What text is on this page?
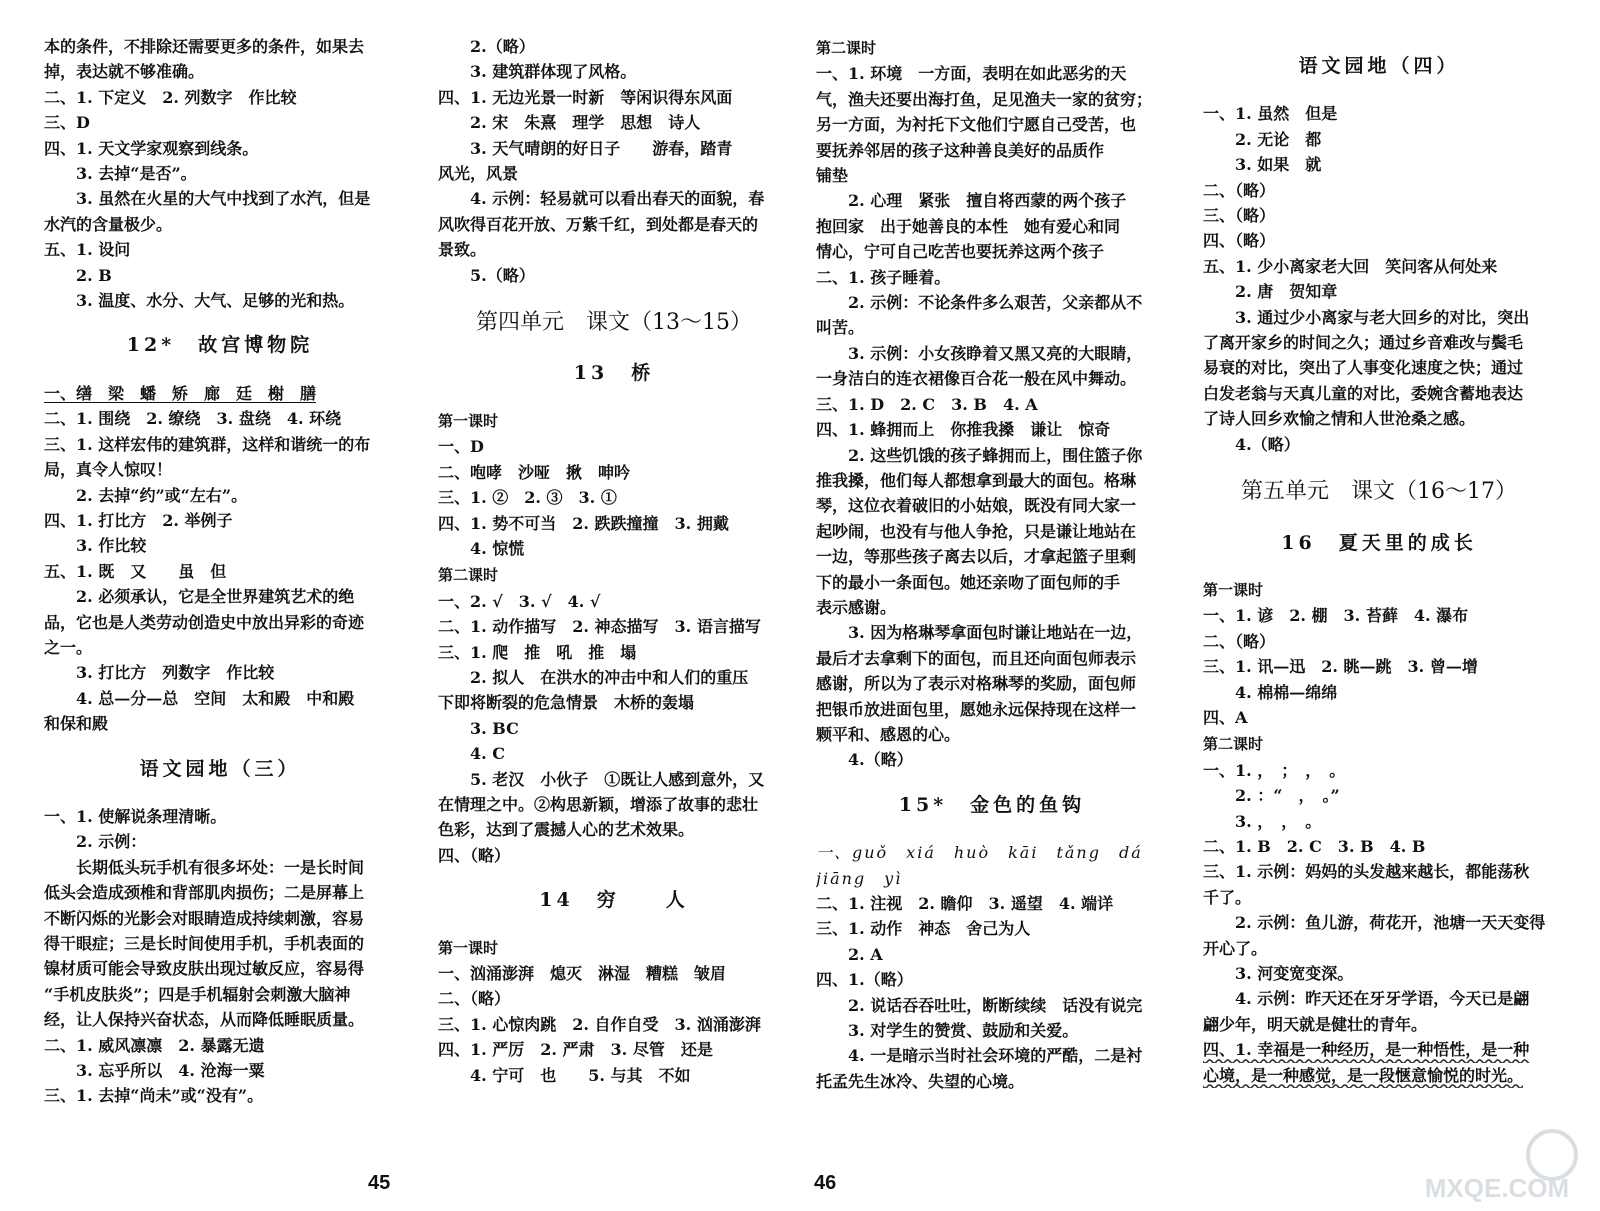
本的条件，不排除还需要更多的条件，如果去
掉，表达就不够准确。
二、1. 下定义　2. 列数字　作比较
三、D
四、1. 天文学家观察到线条。
3. 去掉“是否”。
3. 虽然在火星的大气中找到了水汽，但是
水汽的含量极少。
五、1. 设问
2. B
3. 温度、水分、大气、足够的光和热。
12*　故宫博物院
一、缮　梁　蟠　矫　廊　廷　榭　膳
二、1. 围绕　2. 缭绕　3. 盘绕　4. 环绕
三、1. 这样宏伟的建筑群，这样和谐统一的布
局，真令人惊叹！
2. 去掉“约”或“左右”。
四、1. 打比方　2. 举例子
3. 作比较
五、1. 既　又　　虽　但
2. 必须承认，它是全世界建筑艺术的绝
品，它也是人类劳动创造史中放出异彩的奇迹
之一。
3. 打比方　列数字　作比较
4. 总—分—总　空间　太和殿　中和殿
和保和殿
语文园地（三）
一、1. 使解说条理清晰。
2. 示例：
长期低头玩手机有很多坏处：一是长时间
低头会造成颈椎和背部肌肉损伤；二是屏幕上
不断闪烁的光影会对眼睛造成持续刺激，容易
得干眼症；三是长时间使用手机，手机表面的
镍材质可能会导致皮肤出现过敏反应，容易得
“手机皮肤炎”；四是手机辐射会刺激大脑神
经，让人保持兴奋状态，从而降低睡眠质量。
二、1. 威风凛凛　2. 暴露无遗
3. 忘乎所以　4. 沧海一粟
三、1. 去掉“尚未”或“没有”。
2.（略）
3. 建筑群体现了风格。
四、1. 无边光景一时新　等闲识得东风面
2. 宋　朱熹　理学　思想　诗人
3. 天气晴朗的好日子　　游春，踏青
风光，风景
4. 示例：轻易就可以看出春天的面貌，春
风吹得百花开放、万紫千红，到处都是春天的
景致。
5.（略）
第四单元　课文（13～15）
13　桥
第一课时
一、D
二、咆哮　沙哑　揪　呻吟
三、1. ②　2. ③　3. ①
四、1. 势不可当　2. 跌跌撞撞　3. 拥戴
4. 惊慌
第二课时
一、2. √　3. √　4. √
二、1. 动作描写　2. 神态描写　3. 语言描写
三、1. 爬　推　吼　推　塌
2. 拟人　在洪水的冲击中和人们的重压
下即将断裂的危急情景　木桥的轰塌
3. BC
4. C
5. 老汉　小伙子　①既让人感到意外，又
在情理之中。②构思新颖，增添了故事的悲壮
色彩，达到了震撼人心的艺术效果。
四、（略）
14　穷　　人
第一课时
一、汹涌澎湃　熄灭　淋湿　糟糕　皱眉
二、（略）
三、1. 心惊肉跳　2. 自作自受　3. 汹涌澎湃
四、1. 严厉　2. 严肃　3. 尽管　还是
4. 宁可　也　　5. 与其　不如
第二课时
一、1. 环境　一方面，表明在如此恶劣的天
气，渔夫还要出海打鱼，足见渔夫一家的贫穷；
另一方面，为衬托下文他们宁愿自己受苦，也
要抚养邻居的孩子这种善良美好的品质作
铺垫
2. 心理　紧张　擅自将西蒙的两个孩子
抱回家　出于她善良的本性　她有爱心和同
情心，宁可自己吃苦也要抚养这两个孩子
二、1. 孩子睡着。
2. 示例：不论条件多么艰苦，父亲都从不
叫苦。
3. 示例：小女孩睁着又黑又亮的大眼睛，
一身洁白的连衣裙像百合花一般在风中舞动。
三、1. D　2. C　3. B　4. A
四、1. 蜂拥而上　你推我搡　谦让　惊奇
2. 这些饥饿的孩子蜂拥而上，围住篮子你
推我搡，他们每人都想拿到最大的面包。格琳
琴，这位衣着破旧的小姑娘，既没有同大家一
起吵闹，也没有与他人争抢，只是谦让地站在
一边，等那些孩子离去以后，才拿起篮子里剩
下的最小一条面包。她还亲吻了面包师的手
表示感谢。
3. 因为格琳琴拿面包时谦让地站在一边，
最后才去拿剩下的面包，而且还向面包师表示
感谢，所以为了表示对格琳琴的奖励，面包师
把银币放进面包里，愿她永远保持现在这样一
颗平和、感恩的心。
4.（略）
15*　金色的鱼钩
一、guǒ　xiá　huò　kāi　tǎng　dá
jiāng　yì
二、1. 注视　2. 瞻仰　3. 遥望　4. 端详
三、1. 动作　神态　舍己为人
2. A
四、1.（略）
2. 说话吞吞吐吐，断断续续　话没有说完
3. 对学生的赞赏、鼓励和关爱。
4. 一是暗示当时社会环境的严酷，二是衬
托孟先生冰冷、失望的心境。
语文园地（四）
一、1. 虽然　但是
2. 无论　都
3. 如果　就
二、（略）
三、（略）
四、（略）
五、1. 少小离家老大回　笑问客从何处来
2. 唐　贺知章
3. 通过少小离家与老大回乡的对比，突出
了离开家乡的时间之久；通过乡音难改与鬓毛
易衰的对比，突出了人事变化速度之快；通过
白发老翁与天真儿童的对比，委婉含蓄地表达
了诗人回乡欢愉之情和人世沧桑之感。
4.（略）
第五单元　课文（16～17）
16　夏天里的成长
第一课时
一、1. 谚　2. 棚　3. 苔藓　4. 瀑布
二、（略）
三、1. 讯—迅　2. 眺—跳　3. 曾—增
4. 棉棉—绵绵
四、A
第二课时
一、1. ，　；　，　。
2. ：“　，　。”
3. ，　，　。
二、1. B　2. C　3. B　4. B
三、1. 示例：妈妈的头发越来越长，都能荡秋
千了。
2. 示例：鱼儿游，荷花开，池塘一天天变得
开心了。
3. 河变宽变深。
4. 示例：昨天还在牙牙学语，今天已是翩
翩少年，明天就是健壮的青年。
四、1. 幸福是一种经历，是一种悟性，是一种
心境，是一种感觉，是一段惬意愉悦的时光。
45	46	MXQE.COM
